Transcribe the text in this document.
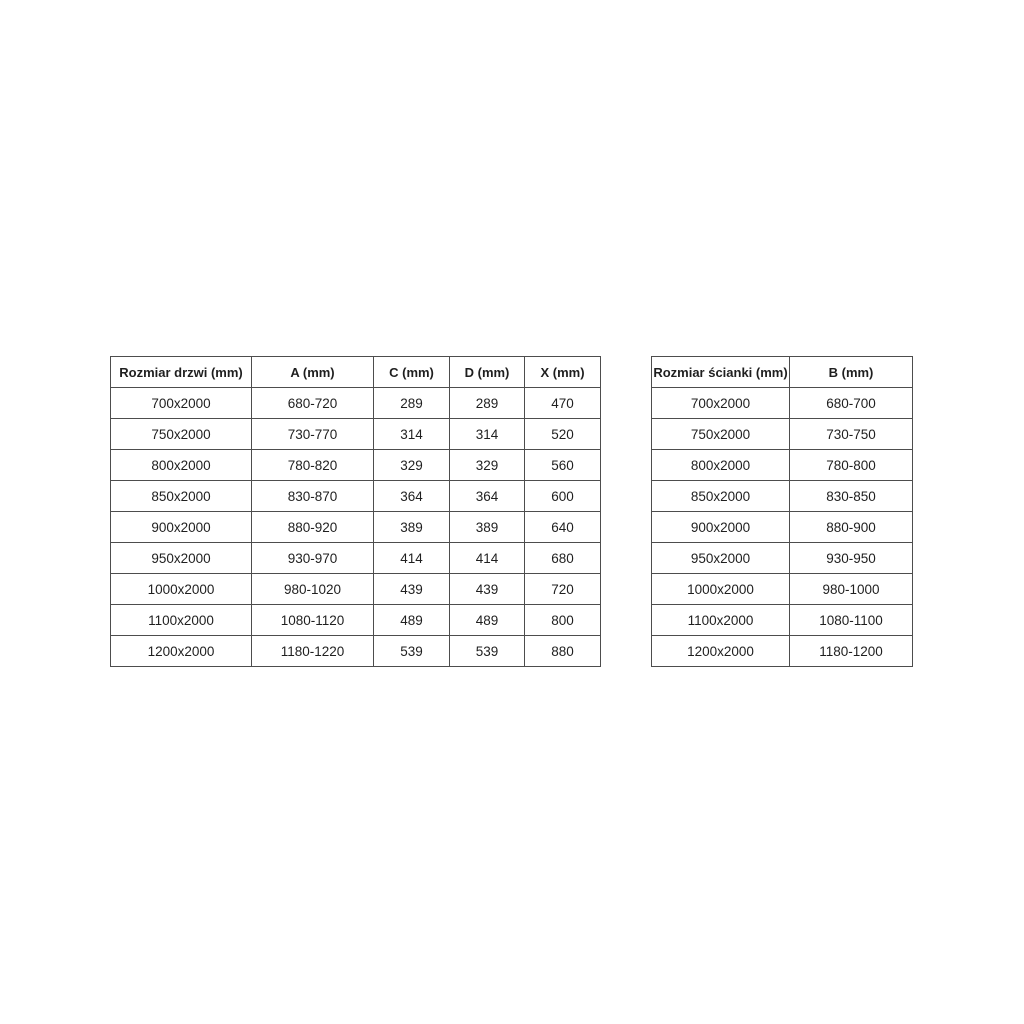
Rozmiar drzwi (mm)	A (mm)	C (mm)	D (mm)	X (mm)
700x2000	680-720	289	289	470
750x2000	730-770	314	314	520
800x2000	780-820	329	329	560
850x2000	830-870	364	364	600
900x2000	880-920	389	389	640
950x2000	930-970	414	414	680
1000x2000	980-1020	439	439	720
1100x2000	1080-1120	489	489	800
1200x2000	1180-1220	539	539	880
Rozmiar ścianki (mm)	B (mm)
700x2000	680-700
750x2000	730-750
800x2000	780-800
850x2000	830-850
900x2000	880-900
950x2000	930-950
1000x2000	980-1000
1100x2000	1080-1100
1200x2000	1180-1200
